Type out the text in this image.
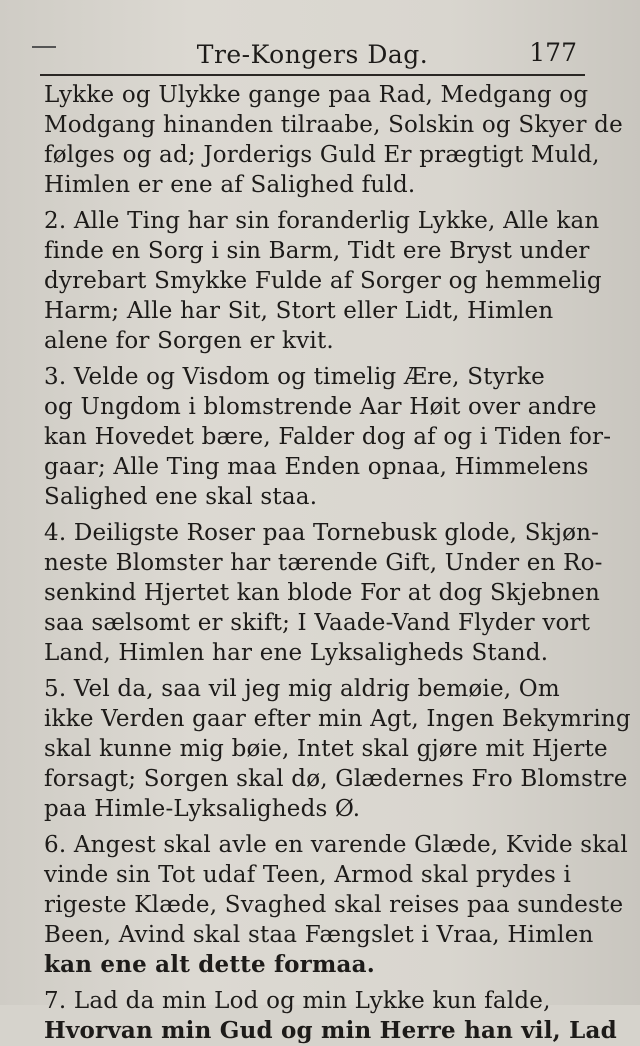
Tre-Kongers Dag.	177
Lykke og Ulykke gange paa Rad, Medgang og
Modgang hinanden tilraabe, Solskin og Skyer de
følges og ad; Jorderigs Guld Er prægtigt Muld,
Himlen er ene af Salighed fuld.
2. Alle Ting har sin foranderlig Lykke, Alle kan
finde en Sorg i sin Barm, Tidt ere Bryst under
dyrebart Smykke Fulde af Sorger og hemmelig
Harm; Alle har Sit, Stort eller Lidt, Himlen
alene for Sorgen er kvit.
3. Velde og Visdom og timelig Ære, Styrke
og Ungdom i blomstrende Aar Høit over andre
kan Hovedet bære, Falder dog af og i Tiden for-
gaar; Alle Ting maa Enden opnaa, Himmelens
Salighed ene skal staa.
4. Deiligste Roser paa Tornebusk glode, Skjøn-
neste Blomster har tærende Gift, Under en Ro-
senkind Hjertet kan blode For at dog Skjebnen
saa sælsomt er skift; I Vaade-Vand Flyder vort
Land, Himlen har ene Lyksaligheds Stand.
5. Vel da, saa vil jeg mig aldrig bemøie, Om
ikke Verden gaar efter min Agt, Ingen Bekymring
skal kunne mig bøie, Intet skal gjøre mit Hjerte
forsagt; Sorgen skal dø, Glædernes Fro Blomstre
paa Himle-Lyksaligheds Ø.
6. Angest skal avle en varende Glæde, Kvide skal
vinde sin Tot udaf Teen, Armod skal prydes i
rigeste Klæde, Svaghed skal reises paa sundeste
Been, Avind skal staa Fængslet i Vraa, Himlen
kan ene alt dette formaa.
7. Lad da min Lod og min Lykke kun falde,
Hvorvan min Gud og min Herre han vil, Lad
